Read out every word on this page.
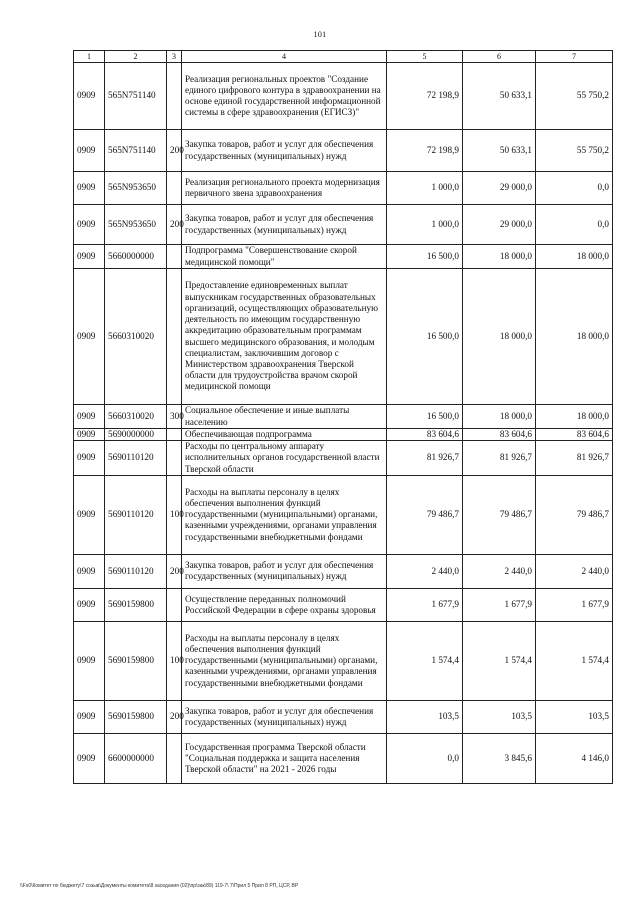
101
1	2	3	4	5	6	7
0909	565N751140		Реализация региональных проектов "Создание единого цифрового контура в здравоохранении на основе единой государственной информационной системы в сфере здравоохранения (ЕГИСЗ)"	72 198,9	50 633,1	55 750,2
0909	565N751140	200	Закупка товаров, работ и услуг для обеспечения государственных (муниципальных) нужд	72 198,9	50 633,1	55 750,2
0909	565N953650		Реализация регионального проекта модернизация первичного звена здравоохранения	1 000,0	29 000,0	0,0
0909	565N953650	200	Закупка товаров, работ и услуг для обеспечения государственных (муниципальных) нужд	1 000,0	29 000,0	0,0
0909	5660000000		Подпрограмма "Совершенствование скорой медицинской помощи"	16 500,0	18 000,0	18 000,0
0909	5660310020		Предоставление единовременных выплат выпускникам государственных образовательных организаций, осуществляющих образовательную деятельность по имеющим государственную аккредитацию образовательным программам высшего медицинского образования, и молодым специалистам, заключившим договор с Министерством здравоохранения Тверской области для трудоустройства врачом скорой медицинской помощи	16 500,0	18 000,0	18 000,0
0909	5660310020	300	Социальное обеспечение и иные выплаты населению	16 500,0	18 000,0	18 000,0
0909	5690000000		Обеспечивающая подпрограмма	83 604,6	83 604,6	83 604,6
0909	5690110120		Расходы по центральному аппарату исполнительных органов государственной власти Тверской области	81 926,7	81 926,7	81 926,7
0909	5690110120	100	Расходы на выплаты персоналу в целях обеспечения выполнения функций государственными (муниципальными) органами, казенными учреждениями, органами управления государственными внебюджетными фондами	79 486,7	79 486,7	79 486,7
0909	5690110120	200	Закупка товаров, работ и услуг для обеспечения государственных (муниципальных) нужд	2 440,0	2 440,0	2 440,0
0909	5690159800		Осуществление переданных полномочий Российской Федерации в сфере охраны здоровья	1 677,9	1 677,9	1 677,9
0909	5690159800	100	Расходы на выплаты персоналу в целях обеспечения выполнения функций государственными (муниципальными) органами, казенными учреждениями, органами управления государственными внебюджетными фондами	1 574,4	1 574,4	1 574,4
0909	5690159800	200	Закупка товаров, работ и услуг для обеспечения государственных (муниципальных) нужд	103,5	103,5	103,5
0909	6600000000		Государственная программа Тверской области "Социальная поддержка и защита населения Тверской области" на 2021 - 2026 годы	0,0	3 845,6	4 146,0
\\Fs0\Комитет по бюджету\7 созыв\Документы комитета\8 заседания (02)\пр\зак\89) 119-7\ 7\Прил 5 Прил 8 РП, ЦСР, ВР
